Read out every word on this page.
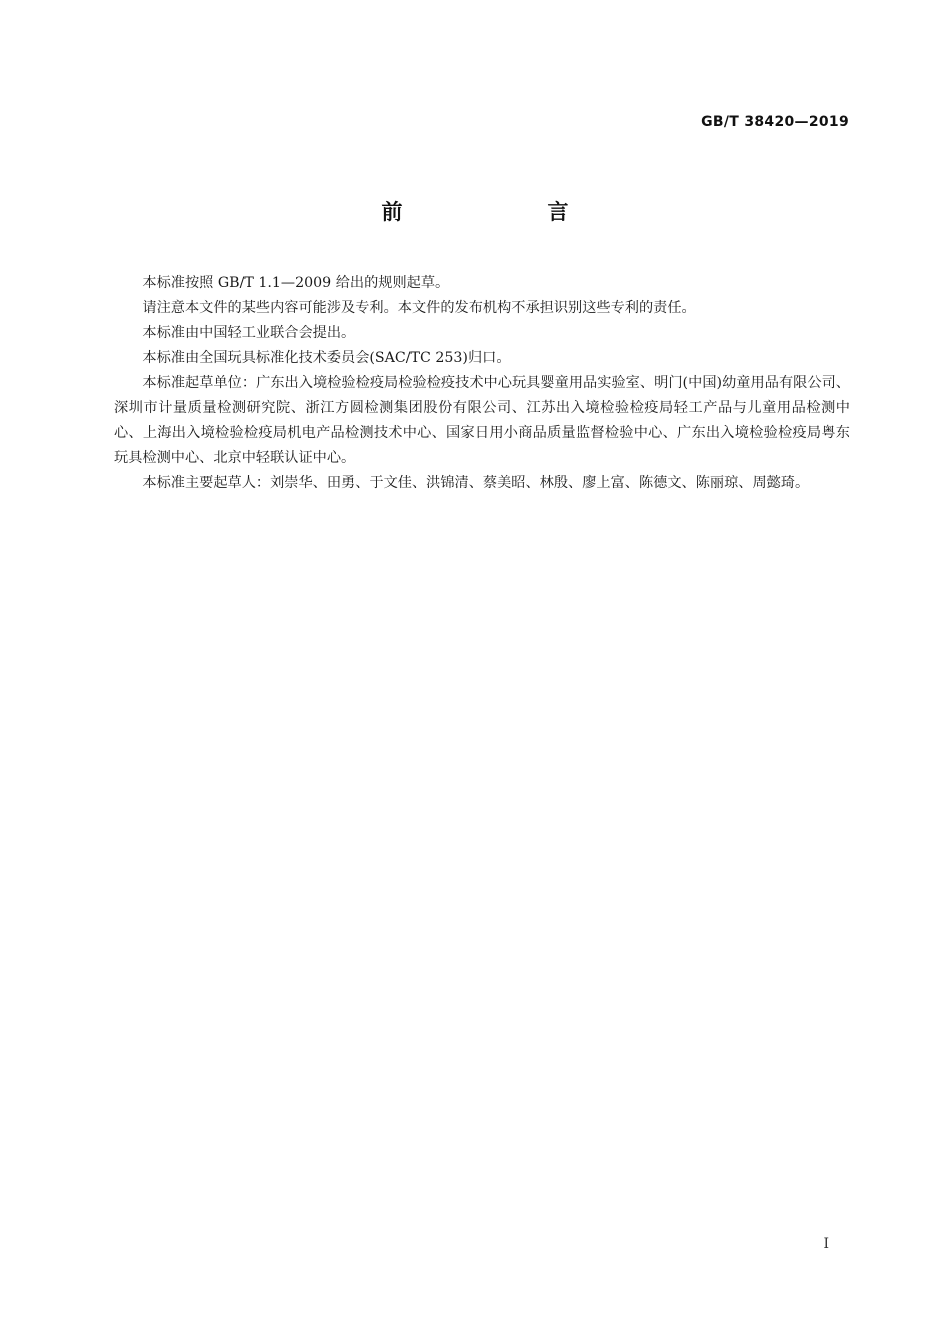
GB/T 38420—2019
前　言

本标准按照 GB/T 1.1—2009 给出的规则起草。

请注意本文件的某些内容可能涉及专利。本文件的发布机构不承担识别这些专利的责任。

本标准由中国轻工业联合会提出。

本标准由全国玩具标准化技术委员会(SAC/TC 253)归口。

本标准起草单位：广东出入境检验检疫局检验检疫技术中心玩具婴童用品实验室、明门(中国)幼童用品有限公司、深圳市计量质量检测研究院、浙江方圆检测集团股份有限公司、江苏出入境检验检疫局轻工产品与儿童用品检测中心、上海出入境检验检疫局机电产品检测技术中心、国家日用小商品质量监督检验中心、广东出入境检验检疫局粤东玩具检测中心、北京中轻联认证中心。

本标准主要起草人：刘崇华、田勇、于文佳、洪锦清、蔡美昭、林殷、廖上富、陈德文、陈丽琼、周懿琦。

I
